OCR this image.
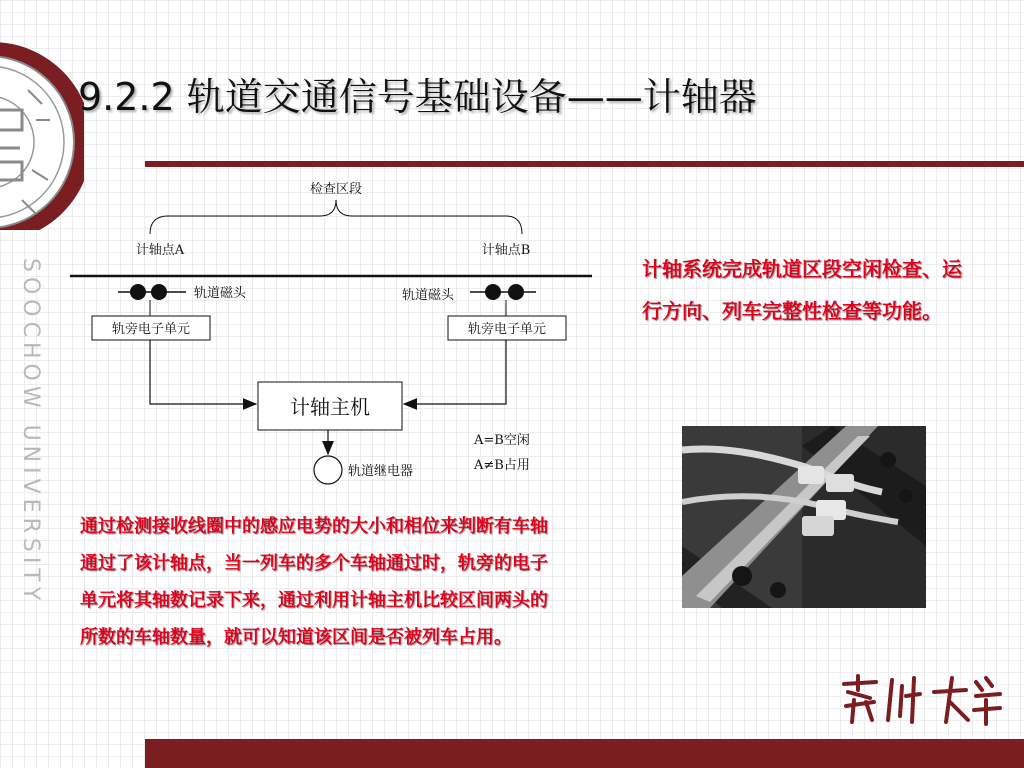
SOOCHOW UNIVERSITY
9.2.2 轨道交通信号基础设备——计轴器
检查区段
计轴点A	计轴点B
轨道磁头	轨道磁头
轨旁电子单元	轨旁电子单元
计轴主机
轨道继电器
A=B空闲
A≠B占用

计轴系统完成轨道区段空闲检查、运行方向、列车完整性检查等功能。

通过检测接收线圈中的感应电势的大小和相位来判断有车轴通过了该计轴点，当一列车的多个车轴通过时，轨旁的电子单元将其轴数记录下来，通过利用计轴主机比较区间两头的所数的车轴数量，就可以知道该区间是否被列车占用。
